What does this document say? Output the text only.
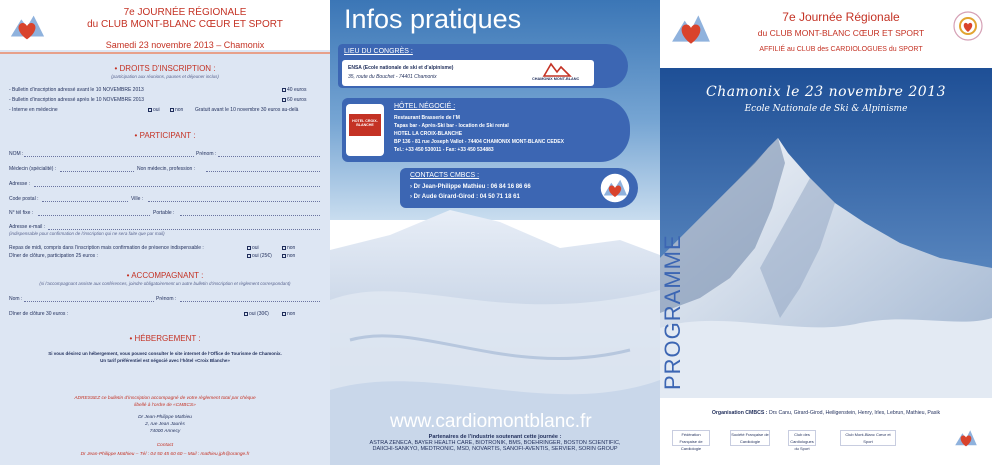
7e JOURNÉE RÉGIONALE
du CLUB MONT-BLANC CŒUR ET SPORT
Samedi 23 novembre 2013 – Chamonix
• DROITS D’INSCRIPTION :
(participation aux réunions, pauses et déjeuner inclus)
- Bulletin d’inscription adressé avant le 10 NOVEMBRE 2013	40 euros
- Bulletin d’inscription adressé après le 10 NOVEMBRE 2013	60 euros
- Interne en médecine	oui	non Gratuit avant le 10 novembre 30 euros au-delà
• PARTICIPANT :
NOM :	Prénom :
Médecin (spécialité) :	Non médecin, profession :
Adresse :
Code postal :	Ville :
N° tél fixe :	Portable :
Adresse e-mail :
(indispensable pour confirmation de l’inscription qui ne sera faite que par mail)
Repas de midi, compris dans l’inscription mais confirmation de présence indispensable :	oui	non
Dîner de clôture, participation 25 euros :	oui (25€)	non
• ACCOMPAGNANT :
(si l’accompagnant assiste aux conférences, joindre obligatoirement un autre bulletin d’inscription et règlement correspondant)
Nom :	Prénom :
Dîner de clôture 30 euros :	oui (30€)	non
• HÉBERGEMENT :
Si vous désirez un hébergement, vous pouvez consulter le site internet de l’Office de Tourisme de Chamonix.
Un tarif préférentiel est négocié avec l’hôtel «Croix Blanche»
ADRESSEZ ce bulletin d’inscription accompagné de votre règlement total par chèque
libellé à l’ordre de «CMBCS»
Dr Jean-Philippe Mathieu
2, rue Jean Jaurès
74000 Annecy
Contact
Dr Jean-Philippe Mathieu – Tél : 04 50 45 60 60 – Mail : mathieu.jph@orange.fr
Infos pratiques
LIEU DU CONGRÈS :
ENSA (Ecole nationale de ski et d’alpinisme)
35, route du Bouchet - 74401 Chamonix	CHAMONIX MONT-BLANC
HOTEL CROIX-BLANCHE
HÔTEL NÉGOCIÉ :
Restaurant Brasserie de l’M
Tapas bar - Après-Ski bar - location de Ski rental
HOTEL LA CROIX-BLANCHE
BP 136 - 81 rue Joseph Vallot - 74404 CHAMONIX MONT-BLANC CEDEX
Tel.: +33 450 530011 - Fax: +33 450 534883
CONTACTS CMBCS :
› Dr Jean-Philippe Mathieu : 06 84 16 86 66
› Dr Aude Girard-Girod : 04 50 71 18 61
www.cardiomontblanc.fr
Partenaires de l’industrie soutenant cette journée :
ASTRA ZENECA, BAYER HEALTH CARE, BIOTRONIK, BMS, BOEHRINGER, BOSTON SCIENTIFIC,
DAIICHI-SANKYO, MEDTRONIC, MSD, NOVARTIS, SANOFI-AVENTIS, SERVIER, SORIN GROUP
7e Journée Régionale
du CLUB MONT-BLANC CŒUR ET SPORT
AFFILIÉ au CLUB des CARDIOLOGUES du SPORT
Chamonix le 23 novembre 2013
Ecole Nationale de Ski & Alpinisme
PROGRAMME
Organisation CMBCS : Drs Canu, Girard-Girod, Heiligenstein, Henry, Irles, Lebrun, Mathieu, Pasik
Fédération Française de Cardiologie
Société Française de Cardiologie
Club des Cardiologues du Sport
Club Mont-Blanc Cœur et Sport
